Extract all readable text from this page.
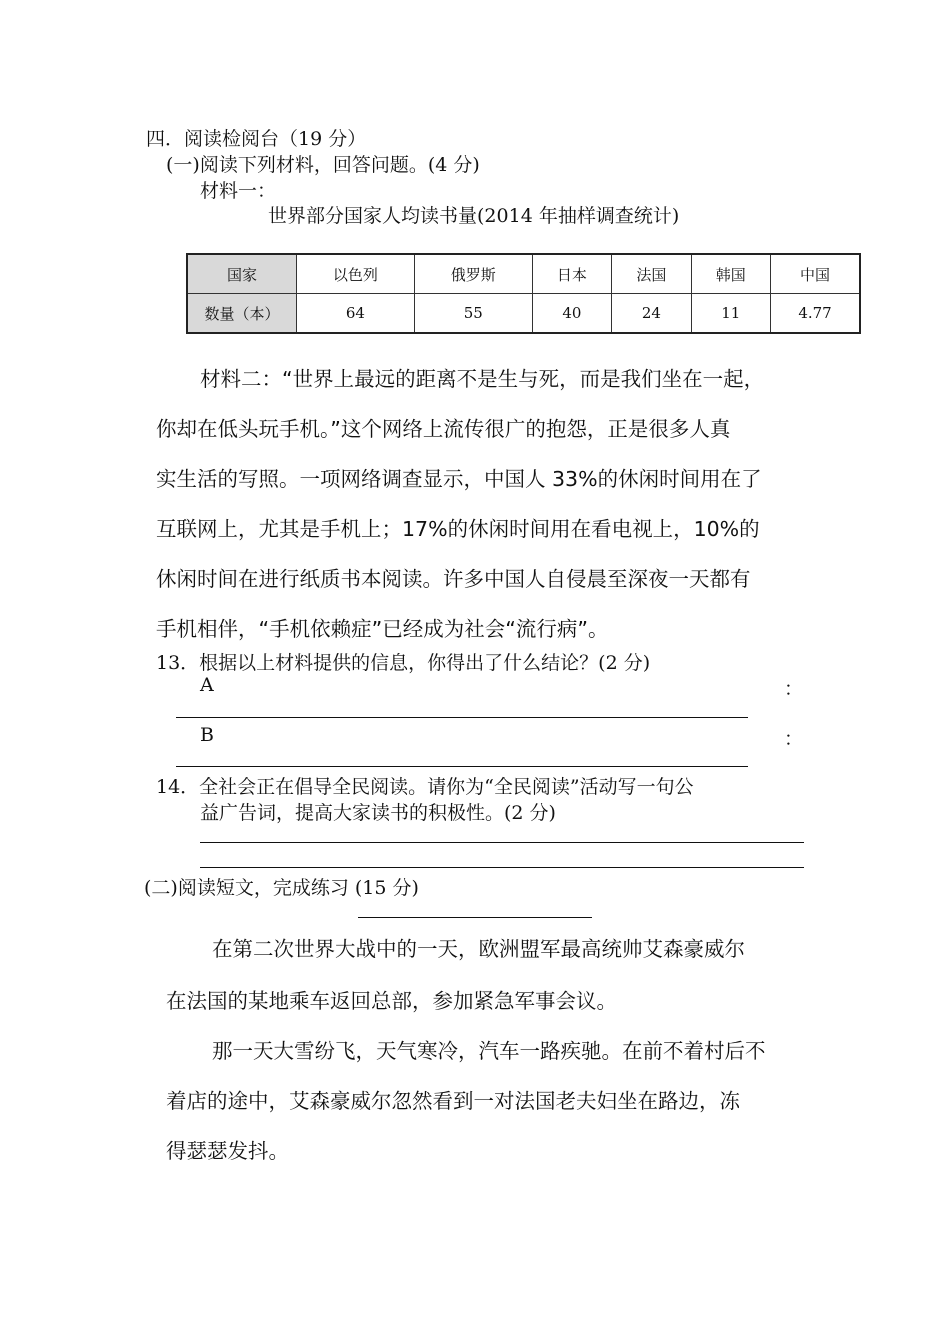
四．阅读检阅台（19 分）
(一)阅读下列材料，回答问题。(4 分)
材料一：
世界部分国家人均读书量(2014 年抽样调查统计)
国家	以色列	俄罗斯	日本	法国	韩国	中国
数量（本）	64	55	40	24	11	4.77
材料二：“世界上最远的距离不是生与死，而是我们坐在一起，
你却在低头玩手机。”这个网络上流传很广的抱怨，正是很多人真
实生活的写照。一项网络调查显示，中国人 33%的休闲时间用在了
互联网上，尤其是手机上；17%的休闲时间用在看电视上，10%的
休闲时间在进行纸质书本阅读。许多中国人自侵晨至深夜一天都有
手机相伴，“手机依赖症”已经成为社会“流行病”。
13．根据以上材料提供的信息，你得出了什么结论？(2 分)
A	：
B	：
14．全社会正在倡导全民阅读。请你为“全民阅读”活动写一句公
益广告词，提高大家读书的积极性。(2 分)
(二)阅读短文，完成练习 (15 分)
在第二次世界大战中的一天，欧洲盟军最高统帅艾森豪威尔
在法国的某地乘车返回总部，参加紧急军事会议。
那一天大雪纷飞，天气寒冷，汽车一路疾驰。在前不着村后不
着店的途中，艾森豪威尔忽然看到一对法国老夫妇坐在路边，冻
得瑟瑟发抖。
